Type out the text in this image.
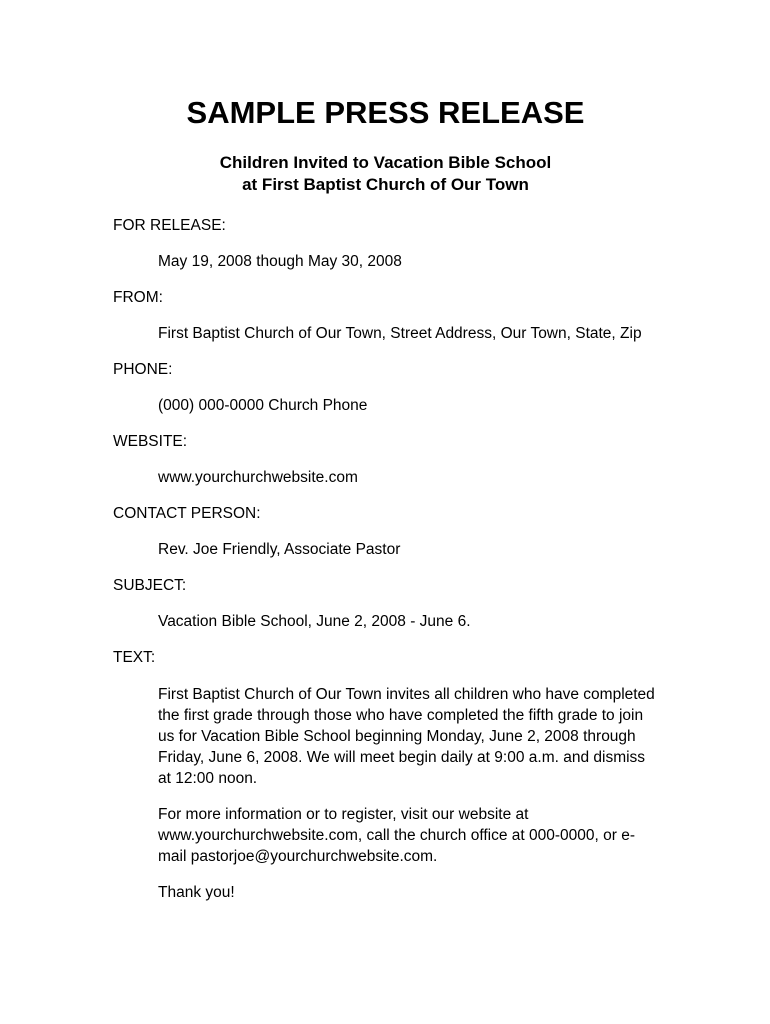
SAMPLE PRESS RELEASE
Children Invited to Vacation Bible School
at First Baptist Church of Our Town
FOR RELEASE:
May 19, 2008 though May 30, 2008
FROM:
First Baptist Church of Our Town, Street Address, Our Town, State, Zip
PHONE:
(000) 000-0000 Church Phone
WEBSITE:
www.yourchurchwebsite.com
CONTACT PERSON:
Rev. Joe Friendly, Associate Pastor
SUBJECT:
Vacation Bible School, June 2, 2008 - June 6.
TEXT:

First Baptist Church of Our Town invites all children who have completed the first grade through those who have completed the fifth grade to join us for Vacation Bible School beginning Monday, June 2, 2008 through Friday, June 6, 2008. We will meet begin daily at 9:00 a.m. and dismiss at 12:00 noon.

For more information or to register, visit our website at www.yourchurchwebsite.com, call the church office at 000-0000, or e-mail pastorjoe@yourchurchwebsite.com.

Thank you!
